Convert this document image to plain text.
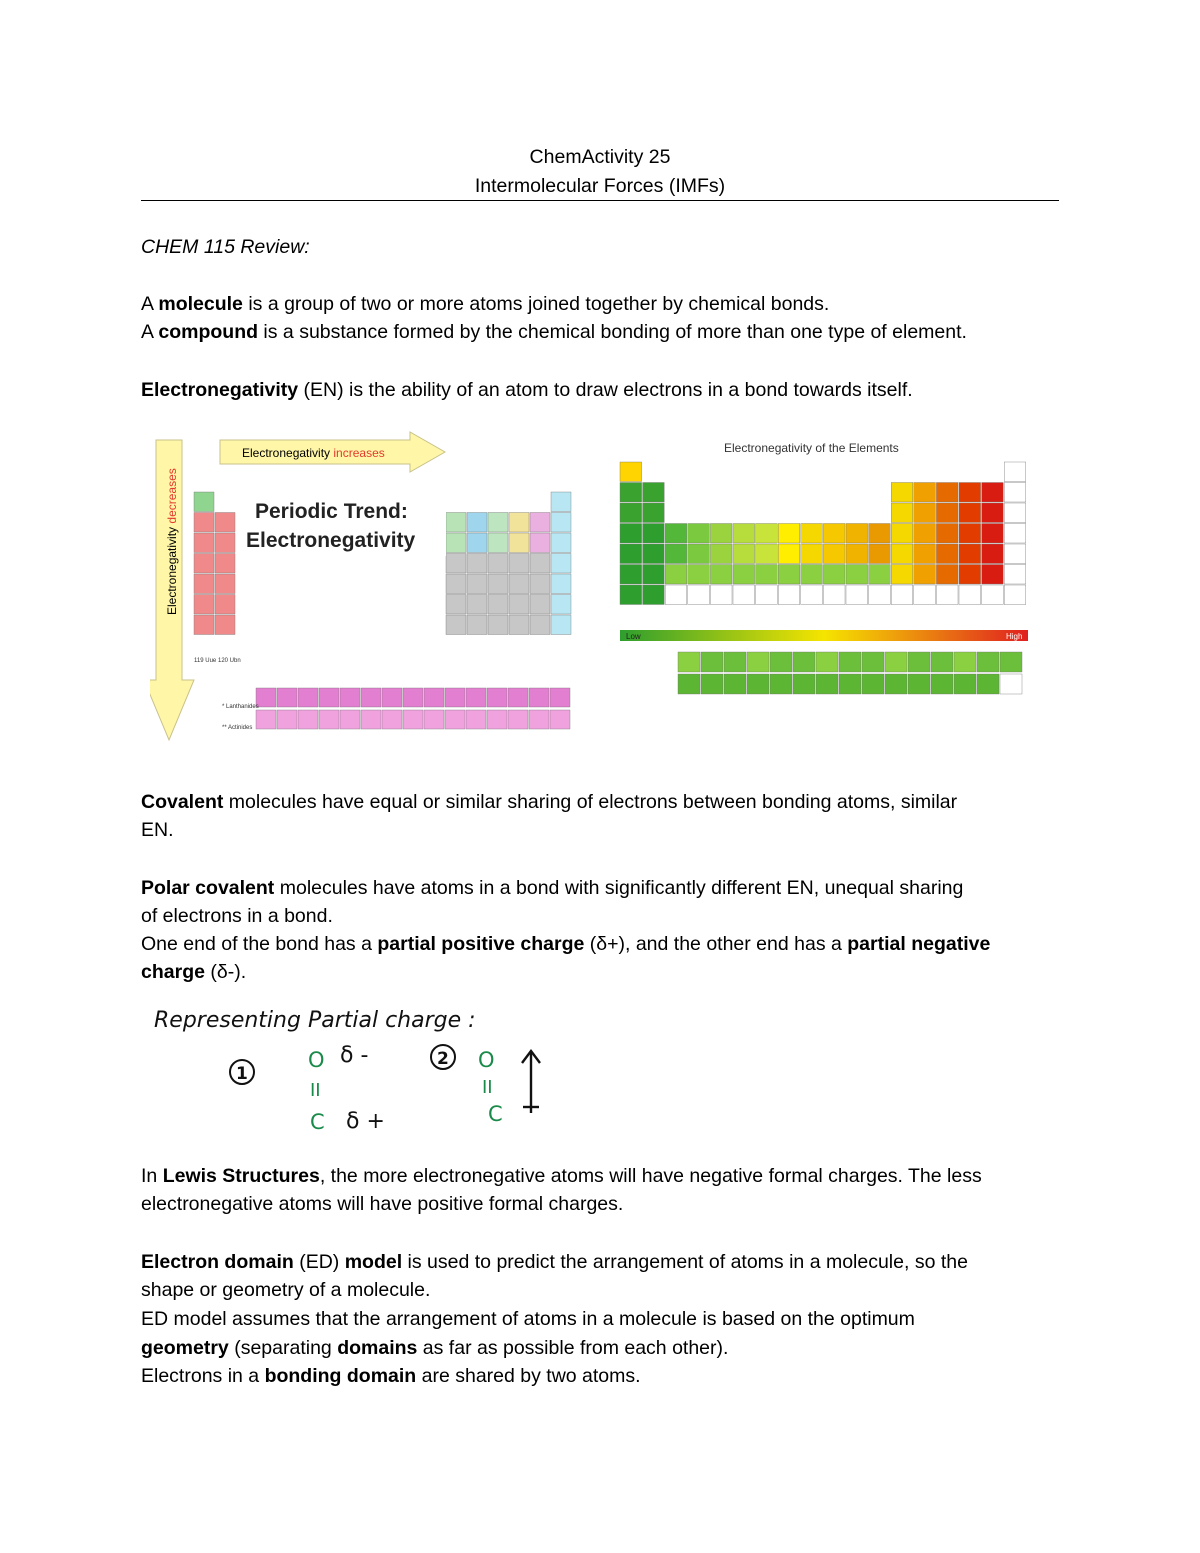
ChemActivity 25
Intermolecular Forces (IMFs)
CHEM 115 Review:
A molecule is a group of two or more atoms joined together by chemical bonds.
A compound is a substance formed by the chemical bonding of more than one type of element.
Electronegativity (EN) is the ability of an atom to draw electrons in a bond towards itself.
Electronegativity increases
Electronegativity decreases	Periodic Trend:
Electronegativity
119 Uue 120 Ubn
* Lanthanides
** Actinides
Electronegativity of the Elements
Low	High
Covalent molecules have equal or similar sharing of electrons between bonding atoms, similar
EN.
Polar covalent molecules have atoms in a bond with significantly different EN, unequal sharing
of electrons in a bond.
One end of the bond has a partial positive charge (δ+), and the other end has a partial negative
charge (δ-).
Representing Partial charge :
1
O
II
C
δ -
δ +
2 O
II
C
In Lewis Structures, the more electronegative atoms will have negative formal charges. The less
electronegative atoms will have positive formal charges.
Electron domain (ED) model is used to predict the arrangement of atoms in a molecule, so the
shape or geometry of a molecule.
ED model assumes that the arrangement of atoms in a molecule is based on the optimum
geometry (separating domains as far as possible from each other).
Electrons in a bonding domain are shared by two atoms.
